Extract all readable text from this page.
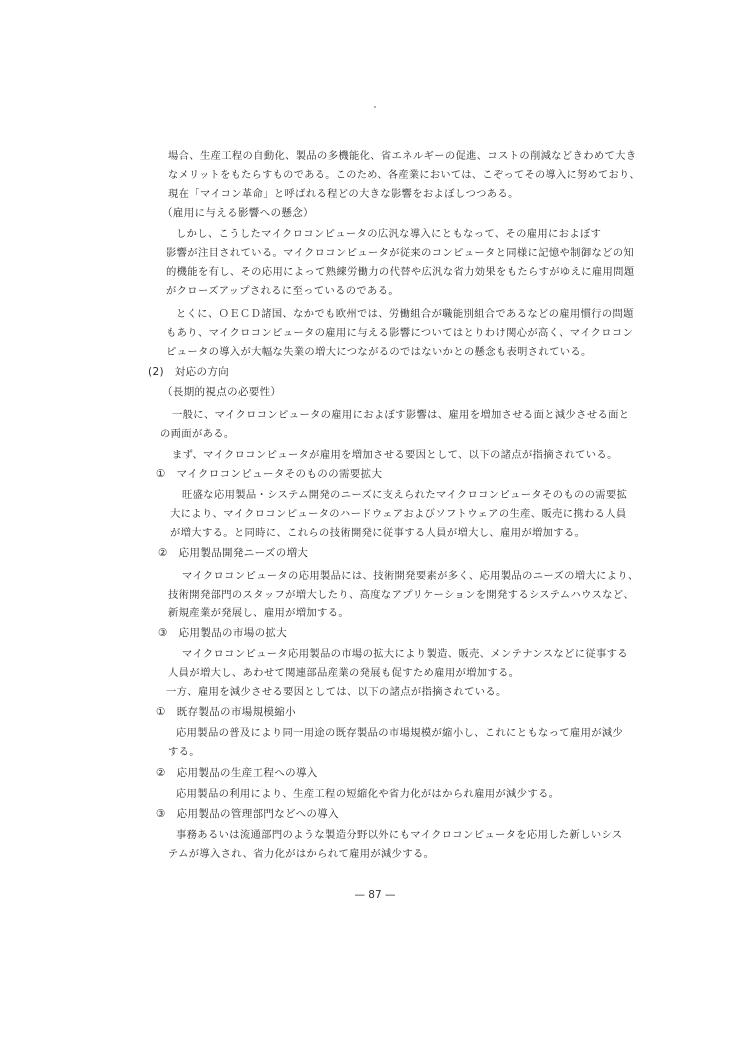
場合、生産工程の自動化、製品の多機能化、省エネルギーの促進、コストの削減などきわめて大き
なメリットをもたらすものである。このため、各産業においては、こぞってその導入に努めており、
現在「マイコン革命」と呼ばれる程どの大きな影響をおよぼしつつある。
（雇用に与える影響への懸念）
しかし、こうしたマイクロコンピュータの広汎な導入にともなって、その雇用におよぼす
影響が注目されている。マイクロコンピュータが従来のコンピュータと同様に記憶や制御などの知
的機能を有し、その応用によって熟練労働力の代替や広汎な省力効果をもたらすがゆえに雇用問題
がクローズアップされるに至っているのである。
とくに、ＯＥＣＤ諸国、なかでも欧州では、労働組合が職能別組合であるなどの雇用慣行の問題
もあり、マイクロコンピュータの雇用に与える影響についてはとりわけ関心が高く、マイクロコン
ピュータの導入が大幅な失業の増大につながるのではないかとの懸念も表明されている。
(2)　対応の方向
（長期的視点の必要性）
一般に、マイクロコンピュータの雇用におよぼす影響は、雇用を増加させる面と減少させる面と
の両面がある。
まず、マイクロコンピュータが雇用を増加させる要因として、以下の諸点が指摘されている。
①　マイクロコンピュータそのものの需要拡大
旺盛な応用製品・システム開発のニーズに支えられたマイクロコンピュータそのものの需要拡
大により、マイクロコンピュータのハードウェアおよびソフトウェアの生産、販売に携わる人員
が増大する。と同時に、これらの技術開発に従事する人員が増大し、雇用が増加する。
②　応用製品開発ニーズの増大
マイクロコンピュータの応用製品には、技術開発要素が多く、応用製品のニーズの増大により、
技術開発部門のスタッフが増大したり、高度なアプリケーションを開発するシステムハウスなど、
新規産業が発展し、雇用が増加する。
③　応用製品の市場の拡大
マイクロコンピュータ応用製品の市場の拡大により製造、販売、メンテナンスなどに従事する
人員が増大し、あわせて関連部品産業の発展も促すため雇用が増加する。
一方、雇用を減少させる要因としては、以下の諸点が指摘されている。
①　既存製品の市場規模縮小
応用製品の普及により同一用途の既存製品の市場規模が縮小し、これにともなって雇用が減少
する。
②　応用製品の生産工程への導入
応用製品の利用により、生産工程の短縮化や省力化がはかられ雇用が減少する。
③　応用製品の管理部門などへの導入
事務あるいは流通部門のような製造分野以外にもマイクロコンピュータを応用した新しいシス
テムが導入され、省力化がはかられて雇用が減少する。
— 87 —
